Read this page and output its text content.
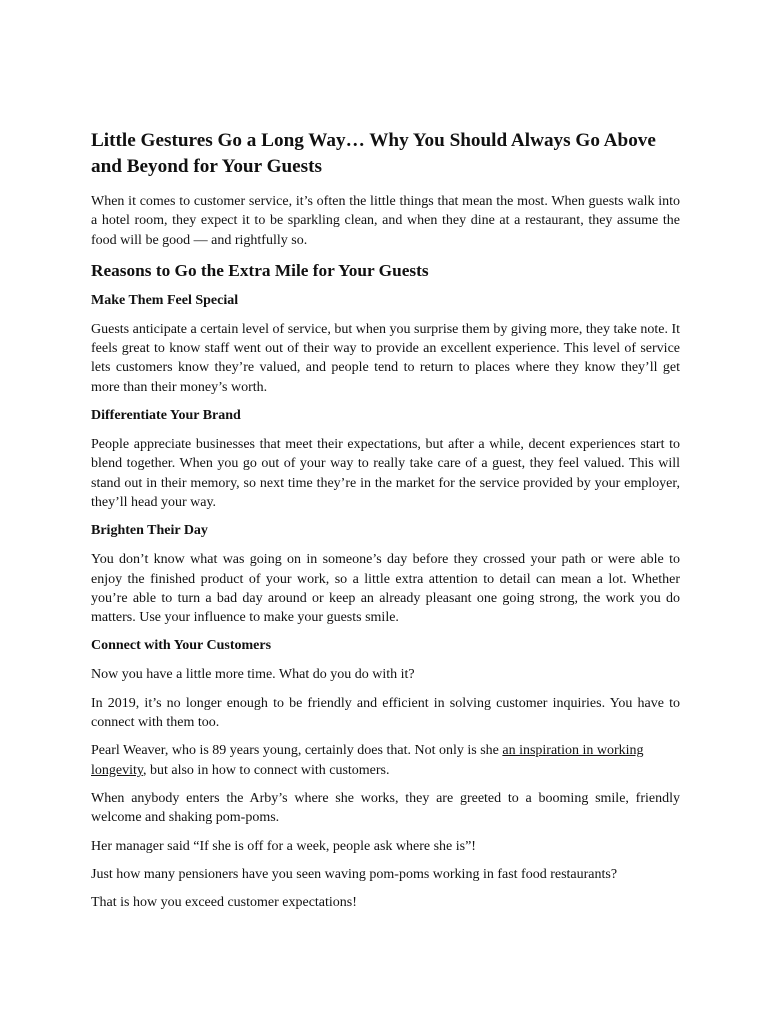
Little Gestures Go a Long Way… Why You Should Always Go Above and Beyond for Your Guests

When it comes to customer service, it’s often the little things that mean the most. When guests walk into a hotel room, they expect it to be sparkling clean, and when they dine at a restaurant, they assume the food will be good — and rightfully so.

Reasons to Go the Extra Mile for Your Guests
Make Them Feel Special

Guests anticipate a certain level of service, but when you surprise them by giving more, they take note. It feels great to know staff went out of their way to provide an excellent experience. This level of service lets customers know they’re valued, and people tend to return to places where they know they’ll get more than their money’s worth.

Differentiate Your Brand

People appreciate businesses that meet their expectations, but after a while, decent experiences start to blend together. When you go out of your way to really take care of a guest, they feel valued. This will stand out in their memory, so next time they’re in the market for the service provided by your employer, they’ll head your way.

Brighten Their Day

You don’t know what was going on in someone’s day before they crossed your path or were able to enjoy the finished product of your work, so a little extra attention to detail can mean a lot. Whether you’re able to turn a bad day around or keep an already pleasant one going strong, the work you do matters. Use your influence to make your guests smile.

Connect with Your Customers

Now you have a little more time. What do you do with it?

In 2019, it’s no longer enough to be friendly and efficient in solving customer inquiries. You have to connect with them too.

Pearl Weaver, who is 89 years young, certainly does that. Not only is she an inspiration in working longevity, but also in how to connect with customers.

When anybody enters the Arby’s where she works, they are greeted to a booming smile, friendly welcome and shaking pom-poms.

Her manager said “If she is off for a week, people ask where she is”!

Just how many pensioners have you seen waving pom-poms working in fast food restaurants?

That is how you exceed customer expectations!
